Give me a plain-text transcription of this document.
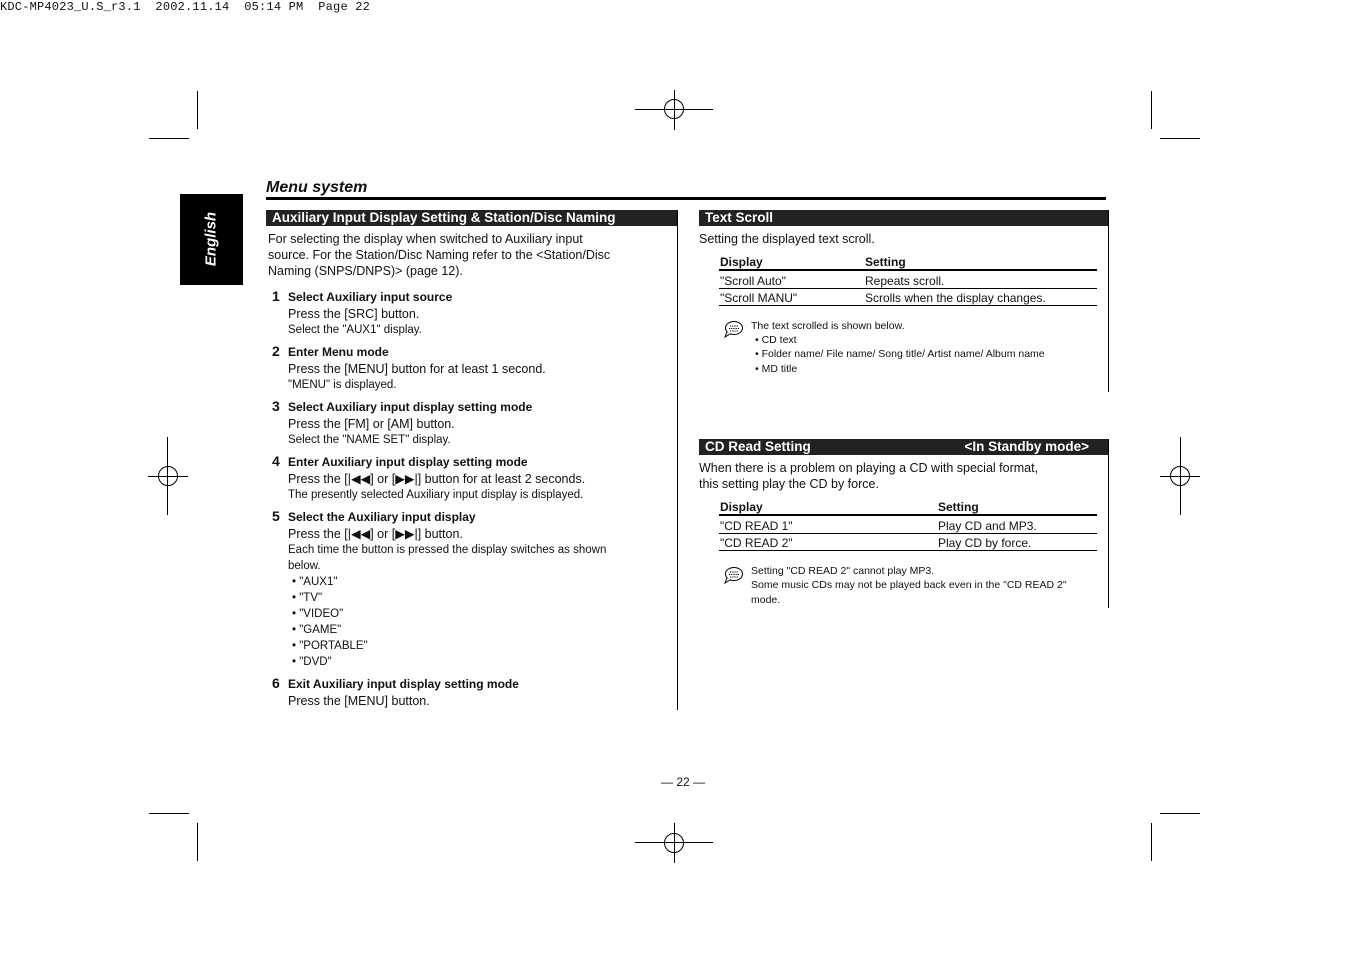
KDC-MP4023_U.S_r3.1  2002.11.14  05:14 PM  Page 22
English
Menu system
Auxiliary Input Display Setting & Station/Disc Naming
For selecting the display when switched to Auxiliary input
source. For the Station/Disc Naming refer to the <Station/Disc
Naming (SNPS/DNPS)> (page 12).
1 Select Auxiliary input source
Press the [SRC] button.
Select the "AUX1" display.
2 Enter Menu mode
Press the [MENU] button for at least 1 second.
"MENU" is displayed.
3 Select Auxiliary input display setting mode
Press the [FM] or [AM] button.
Select the "NAME SET" display.
4 Enter Auxiliary input display setting mode
Press the [|◀◀] or [▶▶|] button for at least 2 seconds.
The presently selected Auxiliary input display is displayed.
5 Select the Auxiliary input display
Press the [|◀◀] or [▶▶|] button.
Each time the button is pressed the display switches as shown
below.
• "AUX1"
• "TV"
• "VIDEO"
• "GAME"
• "PORTABLE"
• "DVD"
6 Exit Auxiliary input display setting mode
Press the [MENU] button.
Text Scroll
Setting the displayed text scroll.
Display	Setting
"Scroll Auto"	Repeats scroll.
"Scroll MANU"	Scrolls when the display changes.
The text scrolled is shown below.
• CD text
• Folder name/ File name/ Song title/ Artist name/ Album name
• MD title
CD Read Setting	<In Standby mode>
When there is a problem on playing a CD with special format,
this setting play the CD by force.
Display	Setting
"CD READ 1"	Play CD and MP3.
"CD READ 2"	Play CD by force.
Setting "CD READ 2" cannot play MP3.
Some music CDs may not be played back even in the "CD READ 2"
mode.
— 22 —
